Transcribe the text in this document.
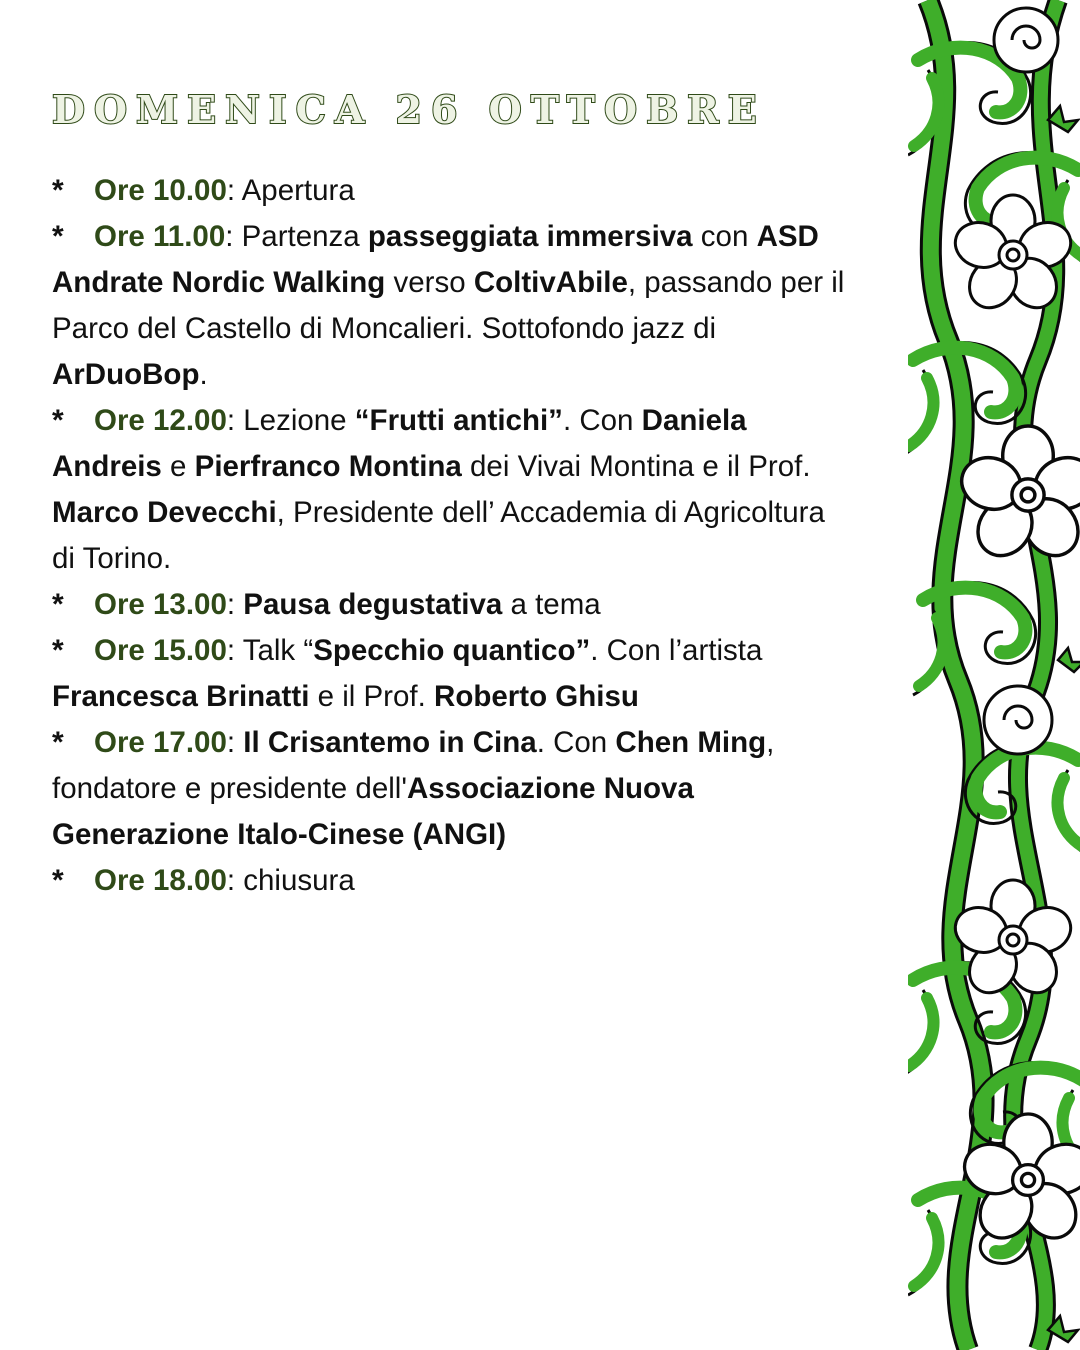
DOMENICA 26 OTTOBRE

* Ore 10.00: Apertura

* Ore 11.00: Partenza passeggiata immersiva con ASD Andrate Nordic Walking verso ColtivAbile, passando per il Parco del Castello di Moncalieri. Sottofondo jazz di ArDuoBop.

* Ore 12.00: Lezione “Frutti antichi”. Con Daniela Andreis e Pierfranco Montina dei Vivai Montina e il Prof. Marco Devecchi, Presidente dell’ Accademia di Agricoltura di Torino.

* Ore 13.00: Pausa degustativa a tema

* Ore 15.00: Talk “Specchio quantico”. Con l’artista Francesca Brinatti e il Prof. Roberto Ghisu

* Ore 17.00: Il Crisantemo in Cina. Con Chen Ming, fondatore e presidente dell'Associazione Nuova Generazione Italo-Cinese (ANGI)

* Ore 18.00: chiusura
